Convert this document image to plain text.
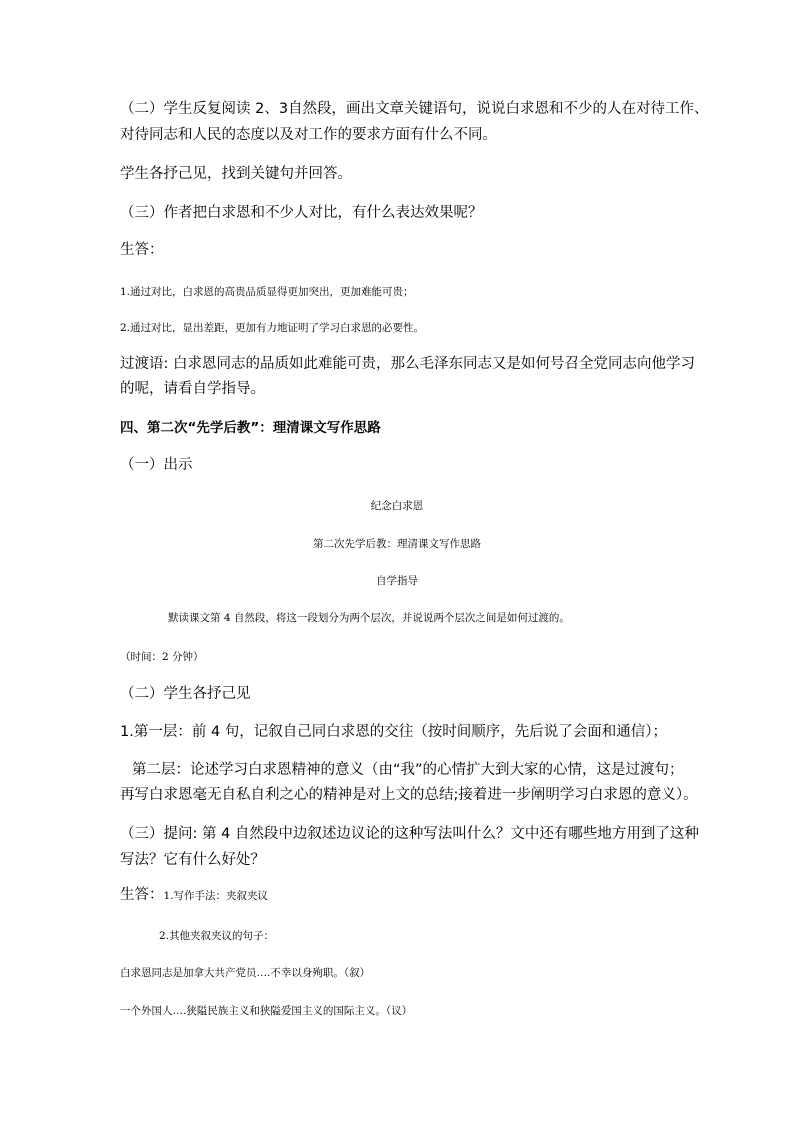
（二）学生反复阅读 2、3自然段，画出文章关键语句，说说白求恩和不少的人在对待工作、
对待同志和人民的态度以及对工作的要求方面有什么不同。
学生各抒己见，找到关键句并回答。
（三）作者把白求恩和不少人对比，有什么表达效果呢？
生答：
1.通过对比，白求恩的高贵品质显得更加突出，更加难能可贵；
2.通过对比，显出差距，更加有力地证明了学习白求恩的必要性。
过渡语: 白求恩同志的品质如此难能可贵，那么毛泽东同志又是如何号召全党同志向他学习
的呢，请看自学指导。
四、第二次“先学后教”：理清课文写作思路
（一）出示
纪念白求恩
第二次先学后教：理清课文写作思路
自学指导
默读课文第 4 自然段，将这一段划分为两个层次，并说说两个层次之间是如何过渡的。
（时间：2 分钟）
（二）学生各抒己见
1.第一层：前 4 句，记叙自己同白求恩的交往（按时间顺序，先后说了会面和通信）；
第二层：论述学习白求恩精神的意义（由“我”的心情扩大到大家的心情，这是过渡句；
再写白求恩毫无自私自利之心的精神是对上文的总结;接着进一步阐明学习白求恩的意义）。
（三）提问: 第 4 自然段中边叙述边议论的这种写法叫什么？文中还有哪些地方用到了这种
写法？它有什么好处？
生答：1.写作手法：夹叙夹议
2.其他夹叙夹议的句子：
白求恩同志是加拿大共产党员….不幸以身殉职。（叙）
一个外国人….狭隘民族主义和狭隘爱国主义的国际主义。（议）
